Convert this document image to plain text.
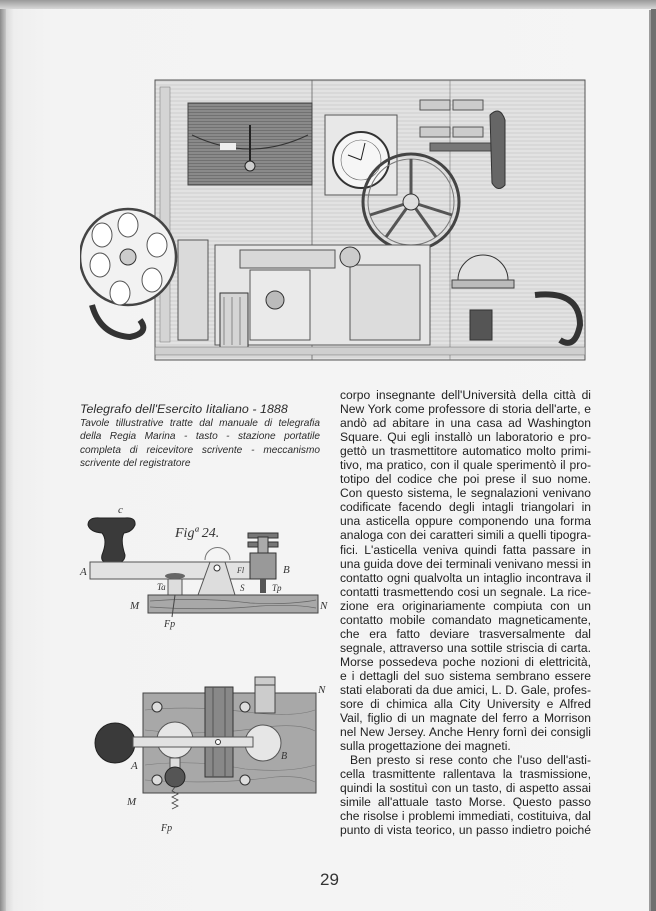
Telegrafo dell'Esercito Iitaliano - 1888
Tavole tillustrative tratte dal manuale di telegrafia della Regia Marina - tasto - stazione portatile completa di reicevitore scrivente - meccanismo scrivente del registratore
corpo insegnante dell'Università della città di
New York come professore di storia dell'arte, e
andò ad abitare in una casa ad Washington
Square. Qui egli installò un laboratorio e pro-
gettò un trasmettitore automatico molto primi-
tivo, ma pratico, con il quale sperimentò il pro-
totipo del codice che poi prese il suo nome.
Con questo sistema, le segnalazioni venivano
codificate facendo degli intagli triangolari in
una asticella oppure componendo una forma
analoga con dei caratteri simili a quelli tipogra-
fici. L'asticella veniva quindi fatta passare in
una guida dove dei terminali venivano messi in
contatto ogni qualvolta un intaglio incontrava il
contatti trasmettendo cosi un segnale. La rice-
zione era originariamente compiuta con un
contatto mobile comandato magneticamente,
che era fatto deviare trasversalmente dal
segnale, attraverso una sottile striscia di carta.
Morse possedeva poche nozioni di elettricità,
e i dettagli del suo sistema sembrano essere
stati elaborati da due amici, L. D. Gale, profes-
sore di chimica alla City University e Alfred
Vail, figlio di un magnate del ferro a Morrison
nel New Jersey. Anche Henry fornì dei consigli
sulla progettazione dei magneti.
Ben presto si rese conto che l'uso dell'asti-
cella trasmittente rallentava la trasmissione,
quindi la sostituì con un tasto, di aspetto assai
simile all'attuale tasto Morse. Questo passo
che risolse i problemi immediati, costituiva, dal
punto di vista teorico, un passo indietro poiché
c
Figª 24.
A	B
Ta	S	Tp
Fl
M	N
Fp
A
B
M
N
Fp
29
